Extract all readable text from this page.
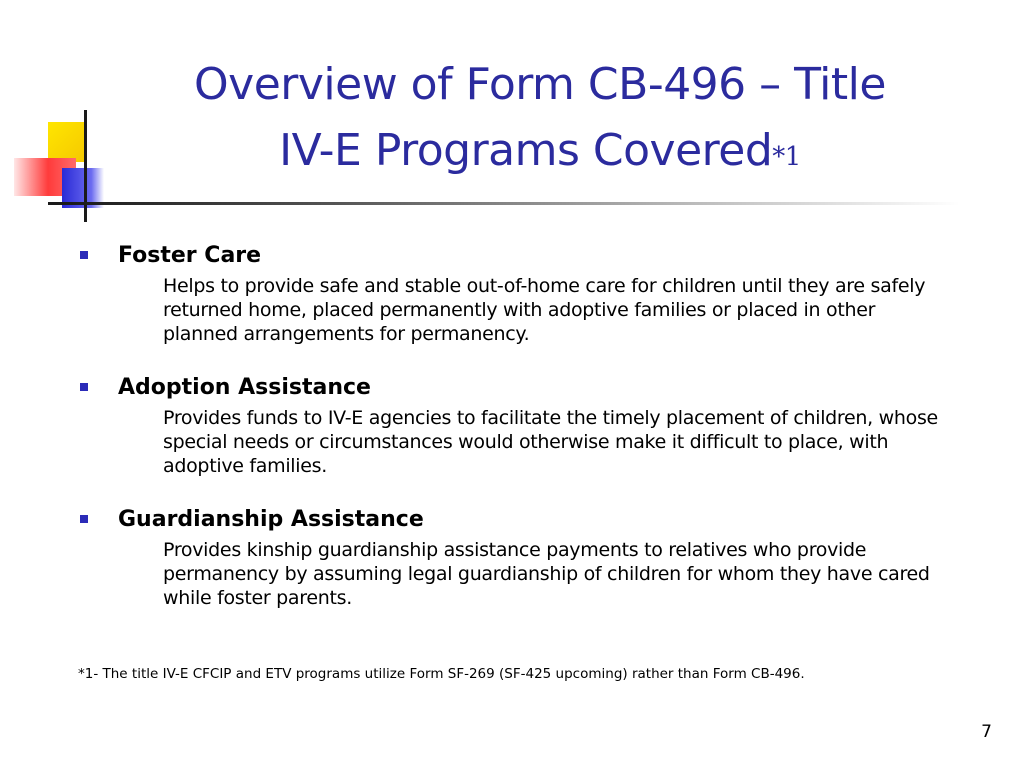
Overview of Form CB-496 – Title
IV-E Programs Covered*1
Foster Care
Helps to provide safe and stable out-of-home care for children until they are safely returned home, placed permanently with adoptive families or placed in other planned arrangements for permanency.
Adoption Assistance
Provides funds to IV-E agencies to facilitate the timely placement of children, whose special needs or circumstances would otherwise make it difficult to place, with adoptive families.
Guardianship Assistance
Provides kinship guardianship assistance payments to relatives who provide permanency by assuming legal guardianship of children for whom they have cared while foster parents.
*1- The title IV-E CFCIP and ETV programs utilize Form SF-269 (SF-425 upcoming) rather than Form CB-496.
7
